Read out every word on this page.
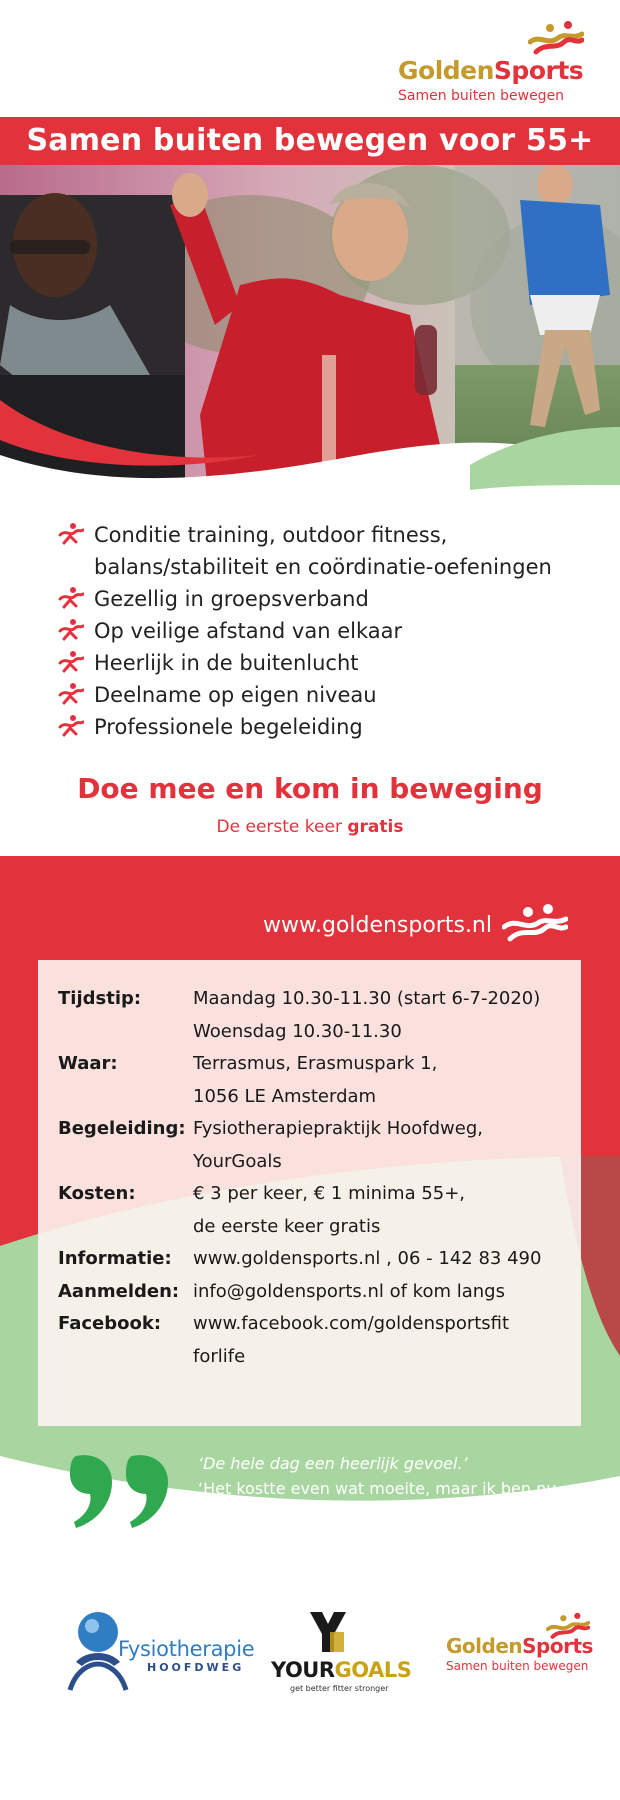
GoldenSports
Samen buiten bewegen
Samen buiten bewegen voor 55+
Conditie training, outdoor fitness,
balans/stabiliteit en coördinatie-oefeningen
Gezellig in groepsverband
Op veilige afstand van elkaar
Heerlijk in de buitenlucht
Deelname op eigen niveau
Professionele begeleiding
Doe mee en kom in beweging
De eerste keer gratis
www.goldensports.nl
Tijdstip:	Maandag 10.30-11.30 (start 6-7-2020)
Woensdag 10.30-11.30

Waar:	Terrasmus, Erasmuspark 1,
1056 LE Amsterdam

Begeleiding:	Fysiotherapiepraktijk Hoofdweg,
YourGoals

Kosten:	€ 3 per keer, € 1 minima 55+,
de eerste keer gratis

Informatie:	www.goldensports.nl , 06 - 142 83 490

Aanmelden:	info@goldensports.nl of kom langs

Facebook:	www.facebook.com/goldensportsfit
forlife
‘De hele dag een heerlijk gevoel.’
‘Het kostte even wat moeite, maar ik ben nu
blij dat ik in beweging ben gekomen!’
‘Gezellig om met een groep te sporten.’
Fysiotherapie
HOOFDWEG YOURGOALS
get better fitter stronger
GoldenSports
Samen buiten bewegen
